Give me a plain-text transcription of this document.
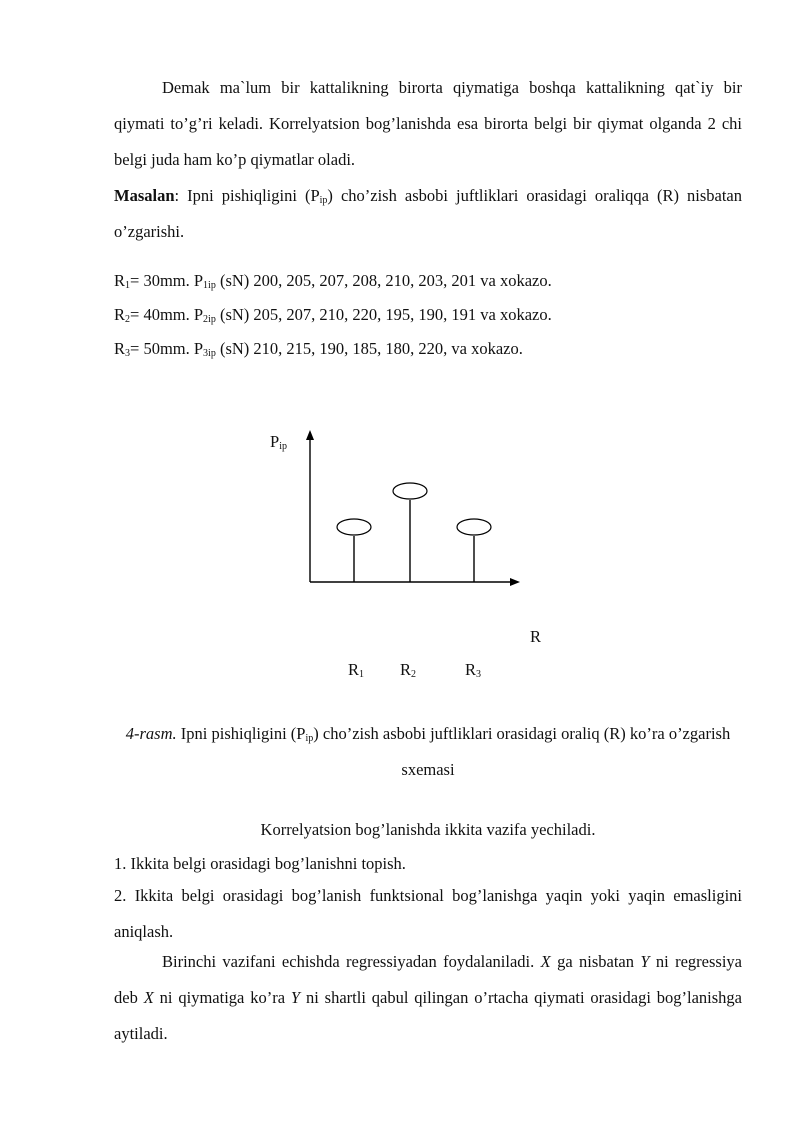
Demak ma`lum bir kattalikning birorta qiymatiga boshqa kattalikning qat`iy bir qiymati to’g’ri keladi. Korrelyatsion bog’lanishda esa birorta belgi bir qiymat olganda 2 chi belgi juda ham ko’p qiymatlar oladi.
Masalan: Ipni pishiqligini $(P_{ip})$ cho’zish asbobi juftliklari orasidagi oraliqqa (R) nisbatan o’zgarishi.

$R_1= 30mm$. $P_{1ip}$ (sN) 200, 205, 207, 208, 210, 203, 201 va xokazo.
$R_2= 40mm$. $P_{2ip}$ (sN) 205, 207, 210, 220, 195, 190, 191 va xokazo.
$R_3= 50mm$. $P_{3ip}$ (sN) 210, 215, 190, 185, 180, 220, va xokazo.
$P_{ip}$
R
$R_1$ $R_2$	$R_3$

4-rasm. Ipni pishiqligini $(P_{ip})$ cho’zish asbobi juftliklari orasidagi oraliq (R) ko’ra o’zgarish sxemasi

Korrelyatsion bog’lanishda ikkita vazifa yechiladi.

1. Ikkita belgi orasidagi bog’lanishni topish.

2. Ikkita belgi orasidagi bog’lanish funktsional bog’lanishga yaqin yoki yaqin emasligini aniqlash.

Birinchi vazifani echishda regressiyadan foydalaniladi. X ga nisbatan Y ni regressiya deb X ni qiymatiga ko’ra Y ni shartli qabul qilingan o’rtacha qiymati orasidagi bog’lanishga aytiladi.
